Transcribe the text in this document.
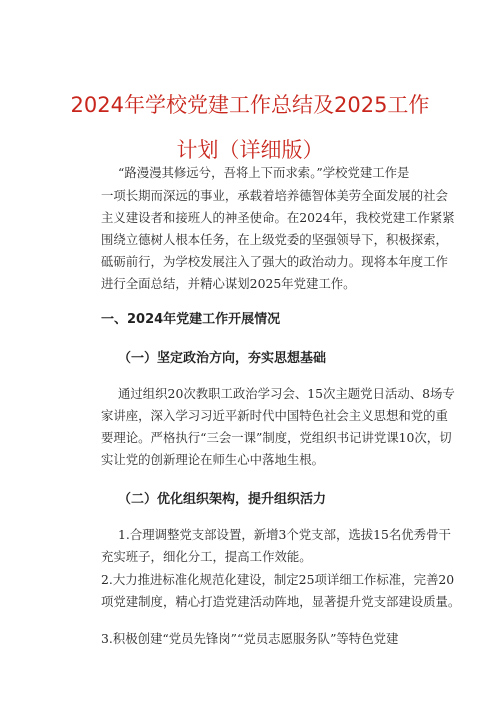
2024年学校党建工作总结及2025工作
计划（详细版）
“路漫漫其修远兮，吾将上下而求索。”学校党建工作是
一项长期而深远的事业，承载着培养德智体美劳全面发展的社会
主义建设者和接班人的神圣使命。在2024年，我校党建工作紧紧
围绕立德树人根本任务，在上级党委的坚强领导下，积极探索，
砥砺前行，为学校发展注入了强大的政治动力。现将本年度工作
进行全面总结，并精心谋划2025年党建工作。
一、2024年党建工作开展情况
（一）坚定政治方向，夯实思想基础
通过组织20次教职工政治学习会、15次主题党日活动、8场专
家讲座，深入学习习近平新时代中国特色社会主义思想和党的重
要理论。严格执行“三会一课”制度，党组织书记讲党课10次，切
实让党的创新理论在师生心中落地生根。
（二）优化组织架构，提升组织活力
1.合理调整党支部设置，新增3个党支部，选拔15名优秀骨干
充实班子，细化分工，提高工作效能。
2.大力推进标准化规范化建设，制定25项详细工作标准，完善20
项党建制度，精心打造党建活动阵地，显著提升党支部建设质量。
3.积极创建“党员先锋岗”“党员志愿服务队”等特色党建
